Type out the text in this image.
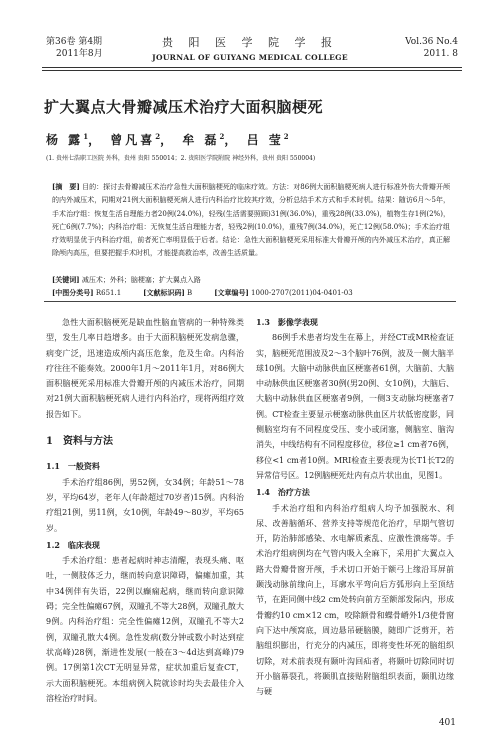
第36卷 第4期
2011年8月
贵 阳 医 学 院 学 报
JOURNAL OF GUIYANG MEDICAL COLLEGE
Vol.36 No.4
2011. 8
扩大翼点大骨瓣减压术治疗大面积脑梗死
杨 露$^1$， 曾凡喜$^2$， 牟 磊$^2$， 吕 莹$^2$
(1. 贵州七浩职工医院 外科，贵州 贵阳 550014；2. 贵阳医学院附院 神经外科，贵州 贵阳 550004)
[摘　要] 目的：探讨去骨瓣减压术治疗急性大面积脑梗死的临床疗效。方法：对86例大面积脑梗死病人进行标准外伤大骨瓣开颅的内外减压术，同期对21例大面积脑梗死病人进行内科治疗比较其疗效，分析总结手术方式和手术时机。结果：随访6月～5年，手术治疗组：恢复生活自理能力者20例(24.0%)，轻残(生活需要照顾)31例(36.0%)，重残28例(33.0%)，植物生存1例(2%)，死亡6例(7.7%)；内科治疗组：无恢复生活自理能力者，轻残2例(10.0%)，重残7例(34.0%)，死亡12例(58.0%)；手术治疗组疗效明显优于内科治疗组，前者死亡率明显低于后者。结论：急性大面积脑梗死采用标准大骨瓣开颅的内外减压术治疗，真正解除颅内高压，但要把握手术时机，才能提高救治率，改善生活质量。
[关键词] 减压术；外科；脑梗塞；扩大翼点入路
[中图分类号] R651.1	[文献标识码] B	[文章编号] 1000-2707(2011)04-0401-03

急性大面积脑梗死是缺血性脑血管病的一种特殊类型，发生几率日趋增多。由于大面积脑梗死发病急骤，病变广泛，迅速造成颅内高压危象，危及生命。内科治疗往往不能奏效。2000年1月～2011年1月，对86例大面积脑梗死采用标准大骨瓣开颅的内减压术治疗，同期对21例大面积脑梗死病人进行内科治疗，现将两组疗效报告如下。

1　资料与方法
1.1　一般资料

手术治疗组86例，男52例，女34例；年龄51～78岁，平均64岁，老年人(年龄超过70岁者)15例。内科治疗组21例，男11例，女10例，年龄49～80岁，平均65岁。

1.2　临床表现

手术治疗组：患者起病时神志清醒，表现头痛、呕吐，一侧肢体乏力，继而转向意识障碍，偏瘫加重，其中34例伴有失语，22例以癫痫起病，继而转向意识障碍；完全性偏瘫67例，双瞳孔不等大28例，双瞳孔散大9例。内科治疗组：完全性偏瘫12例，双瞳孔不等大2例，双瞳孔散大4例。急性发病(数分钟或数小时达到症状高峰)28例，渐进性发展(一般在3～4d达到高峰)79例。17例第1次CT无明显异常，症状加重后复查CT，示大面积脑梗死。本组病例入院就诊时均失去最佳介入溶栓治疗时间。

1.3　影像学表现

86例手术患者均发生在幕上，并经CT或MR检查证实，脑梗死范围波及2～3个脑叶76例，波及一侧大脑半球10例。大脑中动脉供血区梗塞者61例，大脑前、大脑中动脉供血区梗塞者30例(男20例、女10例)，大脑后、大脑中动脉供血区梗塞者9例，一侧3支动脉均梗塞者7例。CT检查主要显示梗塞动脉供血区片状低密度影，同侧脑室均有不同程度受压、变小或闭塞，侧脑室、脑沟消失，中线结构有不同程度移位，移位≥1 cm者76例，移位<1 cm者10例。MRI检查主要表现为长T1长T2的异常信号区。12例脑梗死灶内有点片状出血，见图1。

1.4　治疗方法

手术治疗组和内科治疗组病人均予加强脱水、利尿、改善脑循环、营养支持等规范化治疗，早期气管切开，防治肺部感染、水电解质紊乱、应激性溃疡等。手术治疗组病例均在气管内吸入全麻下，采用扩大翼点入路大骨瓣骨窗开颅，手术切口开始于额弓上缘沿耳屏前颞浅动脉前缘向上，耳廓水平弯向后方弧形向上至顶结节，在距同侧中线2 cm处转向前方至额部发际内，形成骨瓣约10 cm×12 cm，咬除额骨和蝶骨嵴外1/3使骨窗向下达中颅窝底，周边悬吊硬脑膜，随即广泛剪开，若脑组织膨出，行充分的内减压，即将变性坏死的脑组织切除，对术前表现有颞叶沟回疝者，将颞叶切除同时切开小脑幕裂孔，将颞肌直接贴附脑组织表面，颞肌边缘与硬

401
